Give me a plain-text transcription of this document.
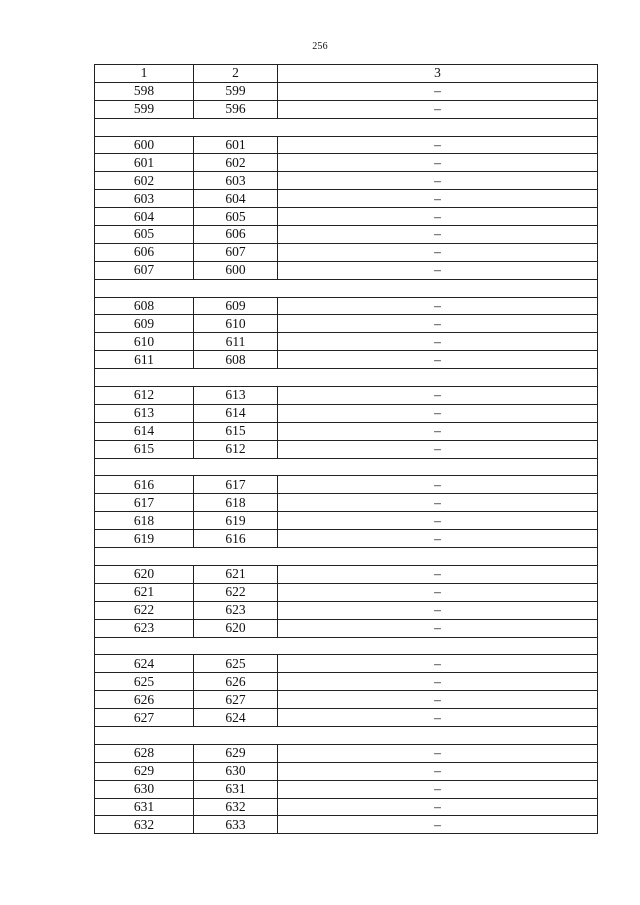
256
1	2	3
598	599	–
599	596	–

600	601	–
601	602	–
602	603	–
603	604	–
604	605	–
605	606	–
606	607	–
607	600	–

608	609	–
609	610	–
610	611	–
611	608	–

612	613	–
613	614	–
614	615	–
615	612	–

616	617	–
617	618	–
618	619	–
619	616	–

620	621	–
621	622	–
622	623	–
623	620	–

624	625	–
625	626	–
626	627	–
627	624	–

628	629	–
629	630	–
630	631	–
631	632	–
632	633	–
